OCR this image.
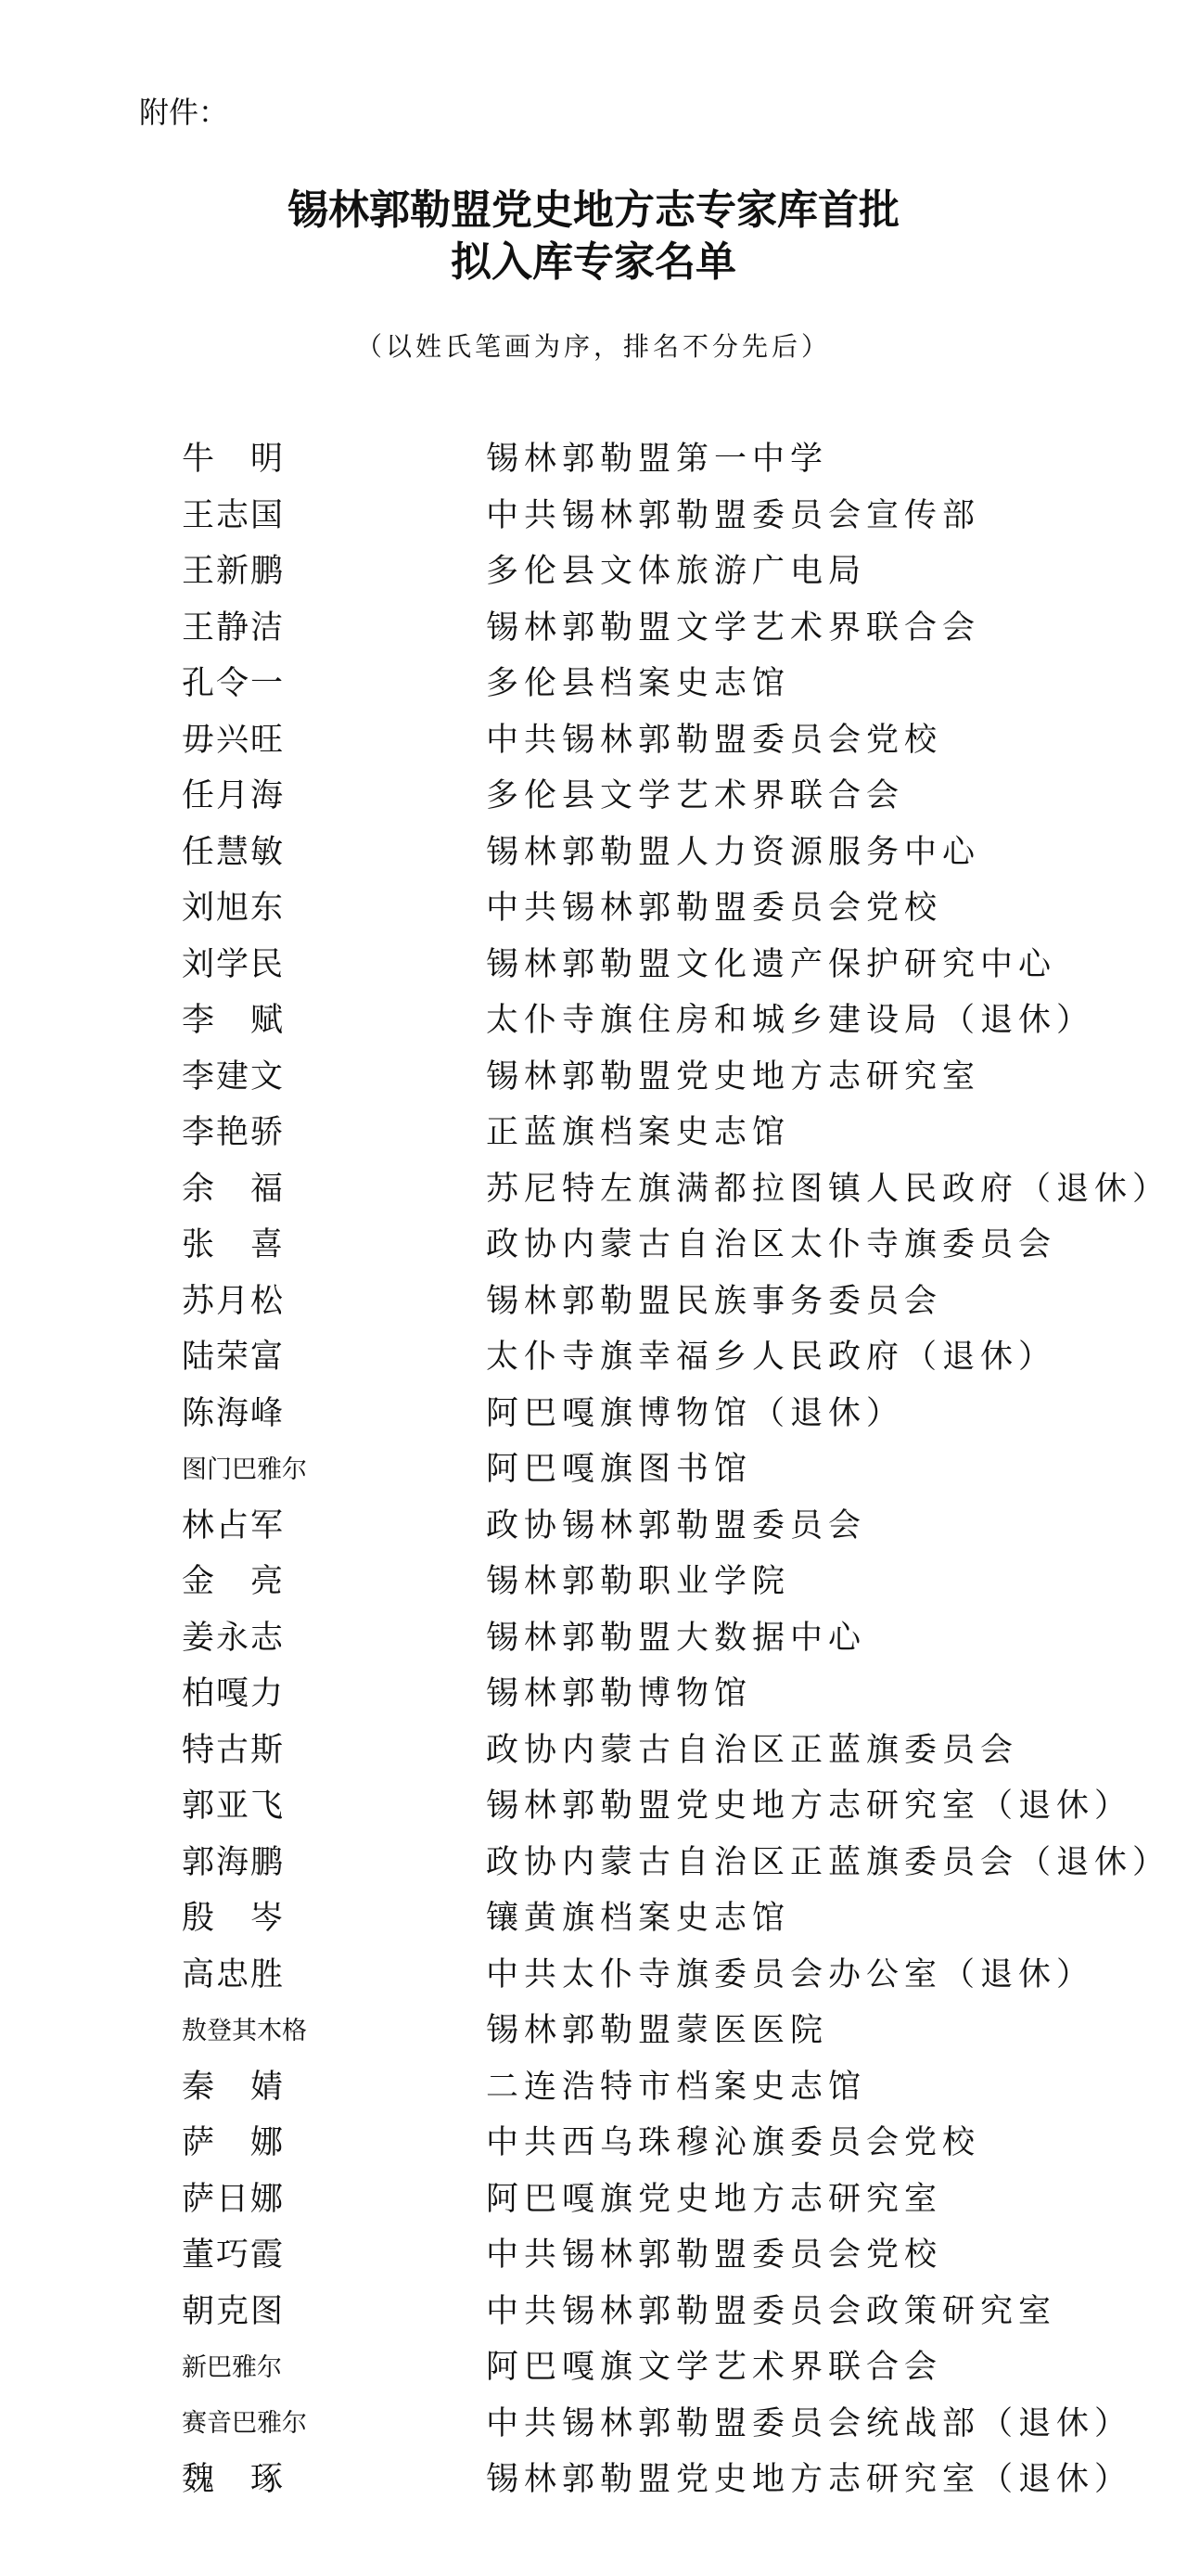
附件：
锡林郭勒盟党史地方志专家库首批
拟入库专家名单
（以姓氏笔画为序，排名不分先后）
牛　明	锡林郭勒盟第一中学
王志国	中共锡林郭勒盟委员会宣传部
王新鹏	多伦县文体旅游广电局
王静洁	锡林郭勒盟文学艺术界联合会
孔令一	多伦县档案史志馆
毋兴旺	中共锡林郭勒盟委员会党校
任月海	多伦县文学艺术界联合会
任慧敏	锡林郭勒盟人力资源服务中心
刘旭东	中共锡林郭勒盟委员会党校
刘学民	锡林郭勒盟文化遗产保护研究中心
李　赋	太仆寺旗住房和城乡建设局（退休）
李建文	锡林郭勒盟党史地方志研究室
李艳骄	正蓝旗档案史志馆
余　福	苏尼特左旗满都拉图镇人民政府（退休）
张　喜	政协内蒙古自治区太仆寺旗委员会
苏月松	锡林郭勒盟民族事务委员会
陆荣富	太仆寺旗幸福乡人民政府（退休）
陈海峰	阿巴嘎旗博物馆（退休）
图门巴雅尔	阿巴嘎旗图书馆
林占军	政协锡林郭勒盟委员会
金　亮	锡林郭勒职业学院
姜永志	锡林郭勒盟大数据中心
柏嘎力	锡林郭勒博物馆
特古斯	政协内蒙古自治区正蓝旗委员会
郭亚飞	锡林郭勒盟党史地方志研究室（退休）
郭海鹏	政协内蒙古自治区正蓝旗委员会（退休）
殷　岑	镶黄旗档案史志馆
高忠胜	中共太仆寺旗委员会办公室（退休）
敖登其木格	锡林郭勒盟蒙医医院
秦　婧	二连浩特市档案史志馆
萨　娜	中共西乌珠穆沁旗委员会党校
萨日娜	阿巴嘎旗党史地方志研究室
董巧霞	中共锡林郭勒盟委员会党校
朝克图	中共锡林郭勒盟委员会政策研究室
新巴雅尔	阿巴嘎旗文学艺术界联合会
赛音巴雅尔	中共锡林郭勒盟委员会统战部（退休）
魏　琢	锡林郭勒盟党史地方志研究室（退休）
